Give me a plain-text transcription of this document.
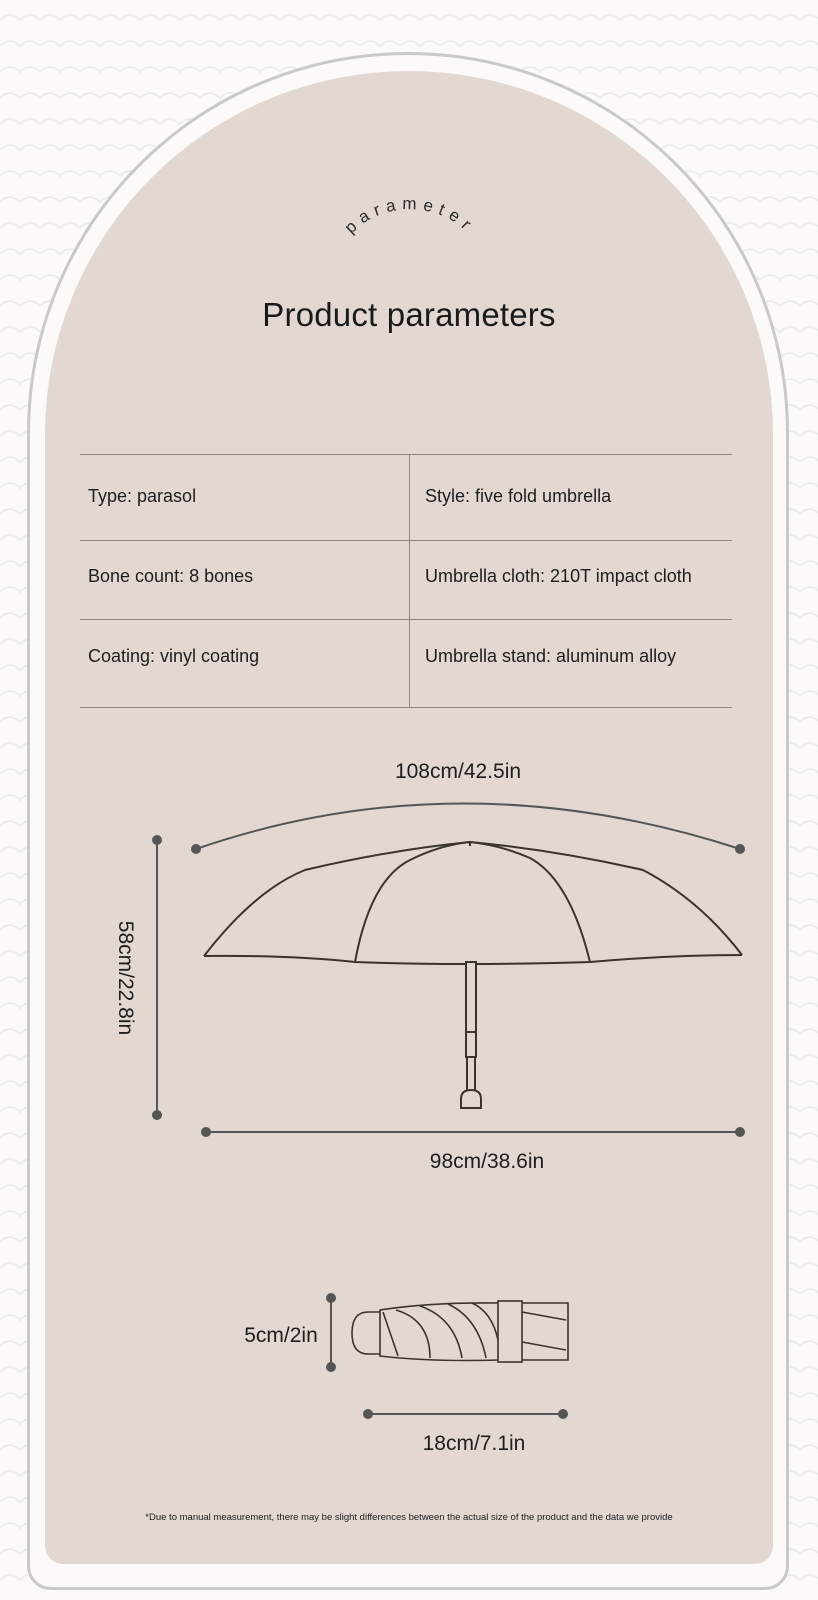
parameter
Product parameters
Type: parasol	Style: five fold umbrella
Bone count: 8 bones	Umbrella cloth: 210T impact cloth
Coating: vinyl coating	Umbrella stand: aluminum alloy
108cm/42.5in
58cm/22.8in
98cm/38.6in
5cm/2in
18cm/7.1in
*Due to manual measurement, there may be slight differences between the actual size of the product and the data we provide
